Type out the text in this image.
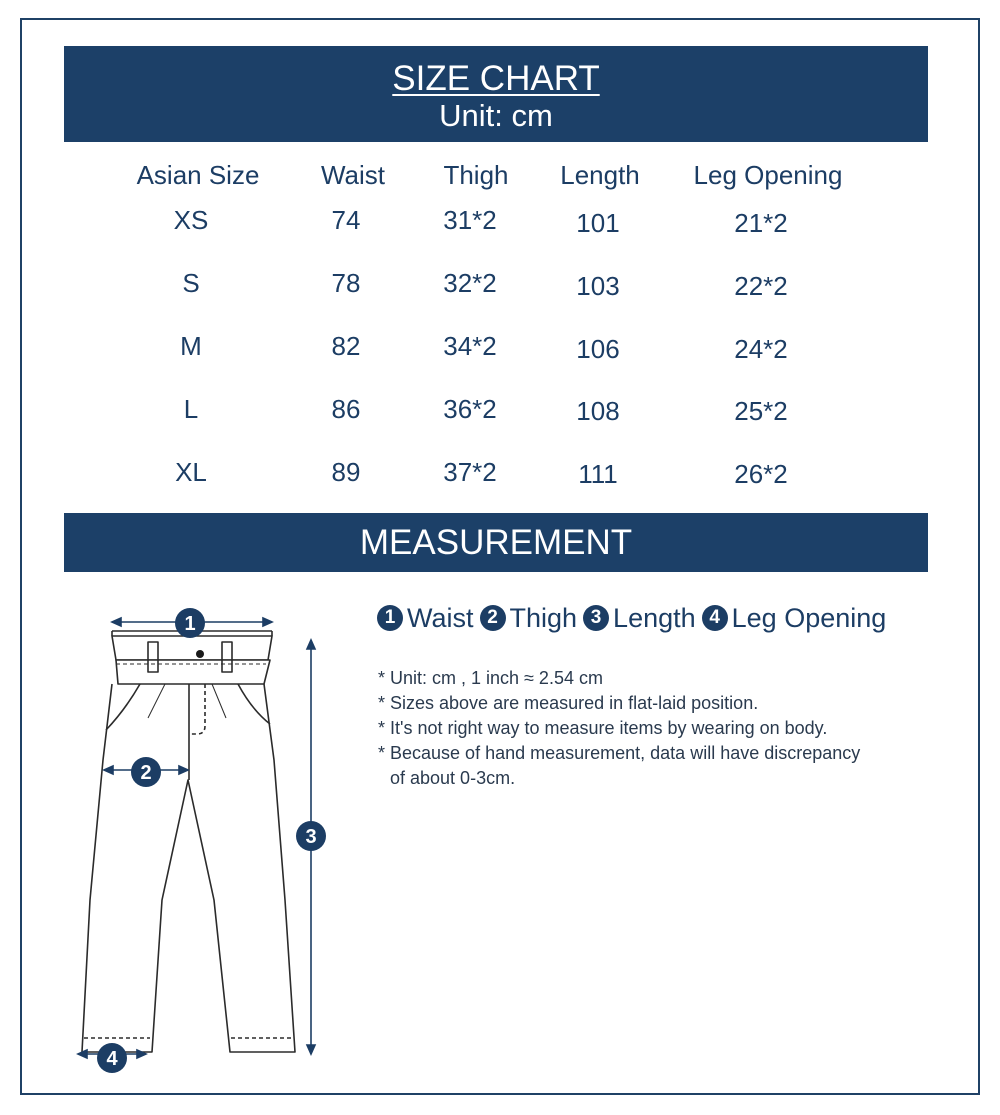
SIZE CHART
Unit: cm
Asian Size	Waist	Thigh	Length	Leg Opening
XS	74	31*2	101	21*2
S	78	32*2	103	22*2
M	82	34*2	106	24*2
L	86	36*2	108	25*2
XL	89	37*2	111	26*2
MEASUREMENT
1
2
3
4
1 Waist 2 Thigh 3 Length 4 Leg Opening
* Unit: cm , 1 inch ≈ 2.54 cm
* Sizes above are measured in flat-laid position.
* It's not right way to measure items by wearing on body.
* Because of hand measurement, data will have discrepancy
of about 0-3cm.
